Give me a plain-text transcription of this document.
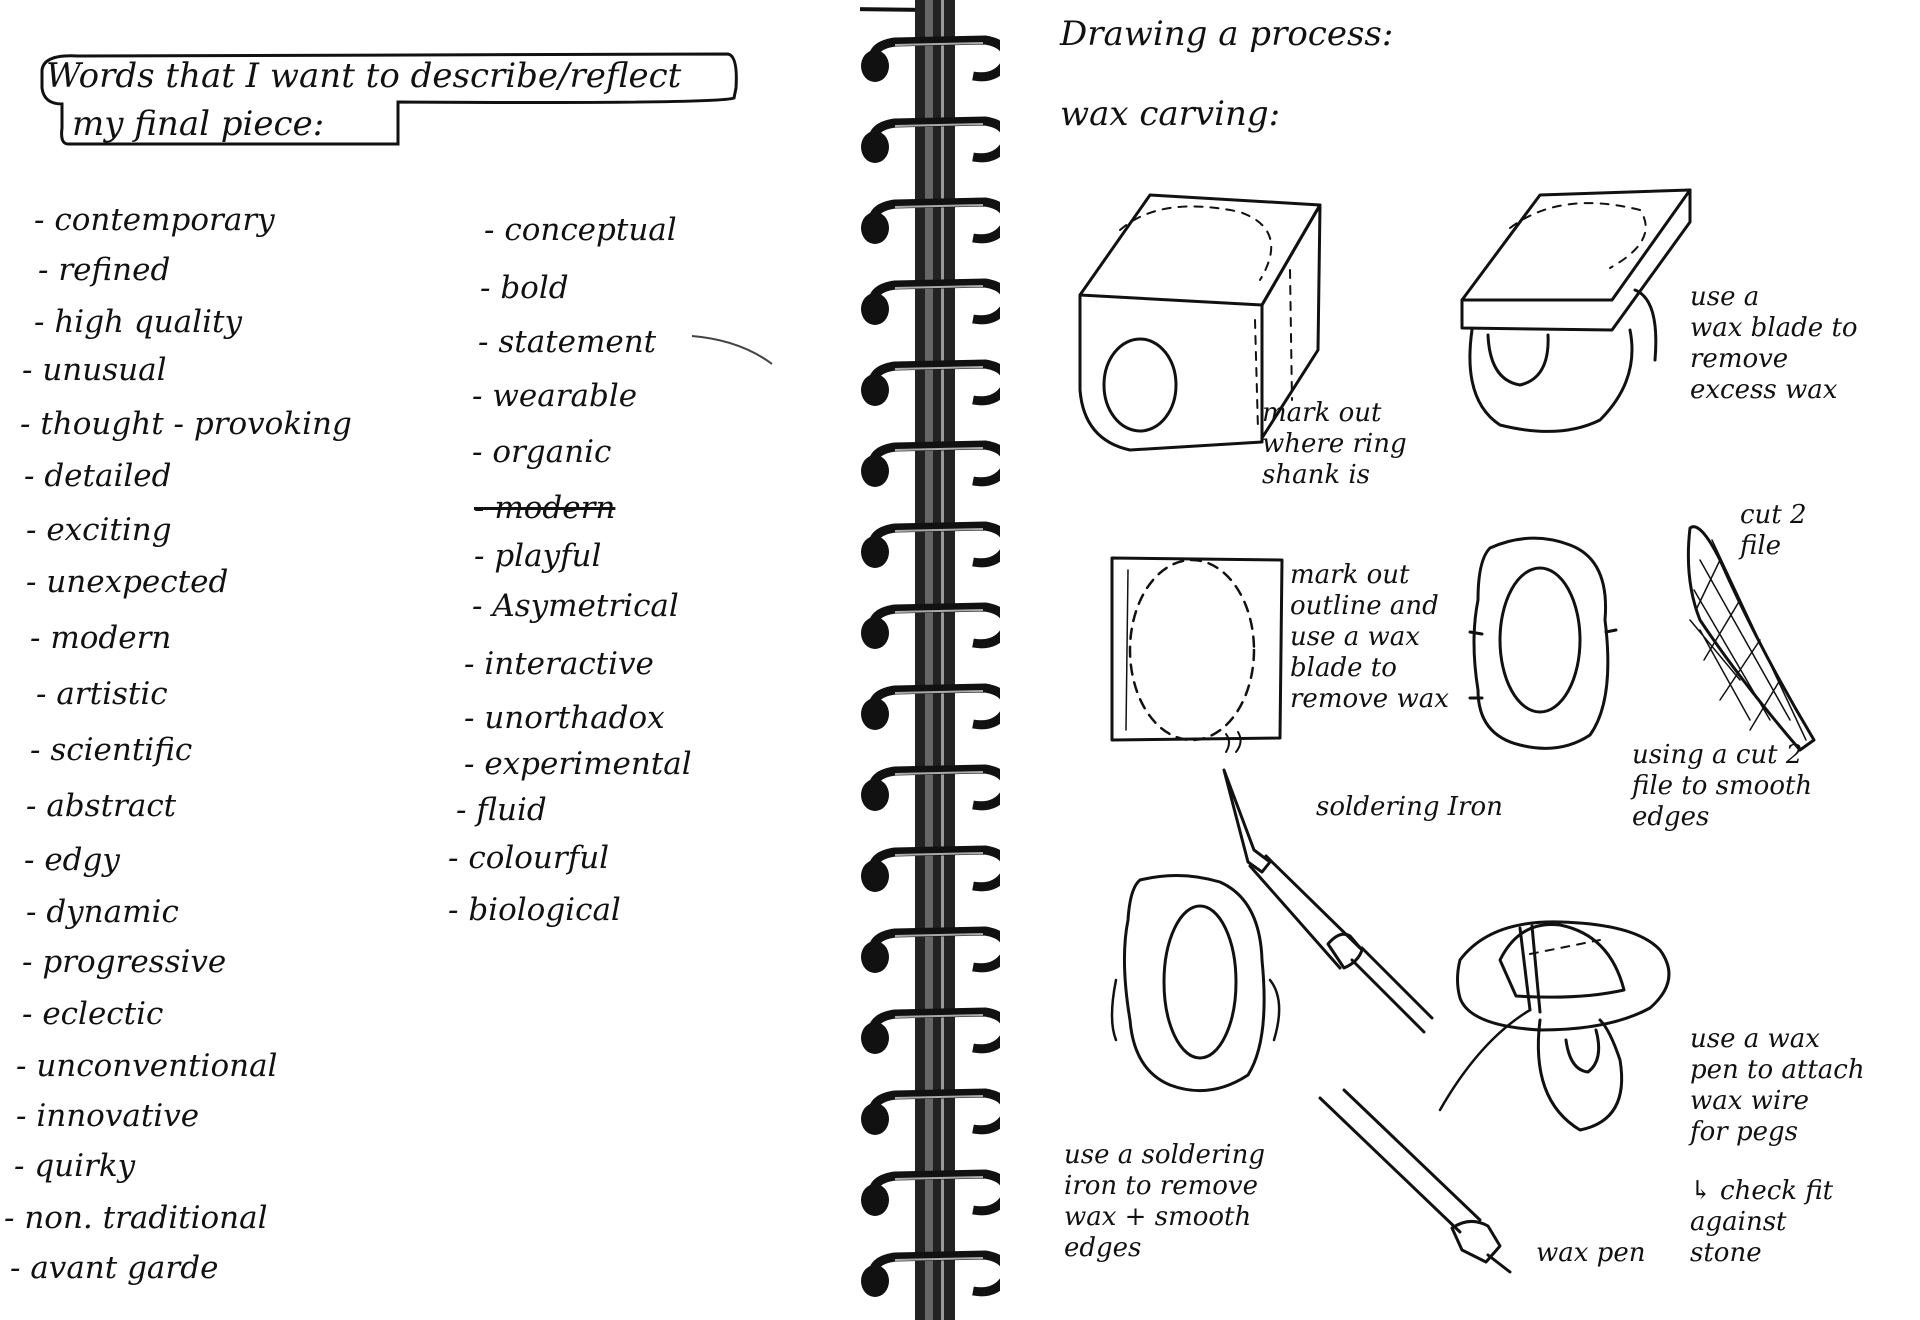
Words that I want to describe/reflect
my final piece:
- contemporary
- refined
- high quality
- unusual
- thought - provoking
- detailed
- exciting
- unexpected
- modern
- artistic
- scientific
- abstract
- edgy
- dynamic
- progressive
- eclectic
- unconventional
- innovative
- quirky
- non. traditional
- avant garde
- conceptual
- bold
- statement
- wearable
- organic
- modern
- playful
- Asymetrical
- interactive
- unorthadox
- experimental
- fluid
- colourful
- biological
Drawing a process:
wax carving:
mark out
where ring
shank is
use a
wax blade to
remove
excess wax
mark out
outline and
use a wax
blade to
remove wax
cut 2
file
using a cut 2
file to smooth
edges
soldering Iron
use a soldering
iron to remove
wax + smooth
edges	wax pen
use a wax
pen to attach
wax wire
for pegs
↳ check fit
against
stone
